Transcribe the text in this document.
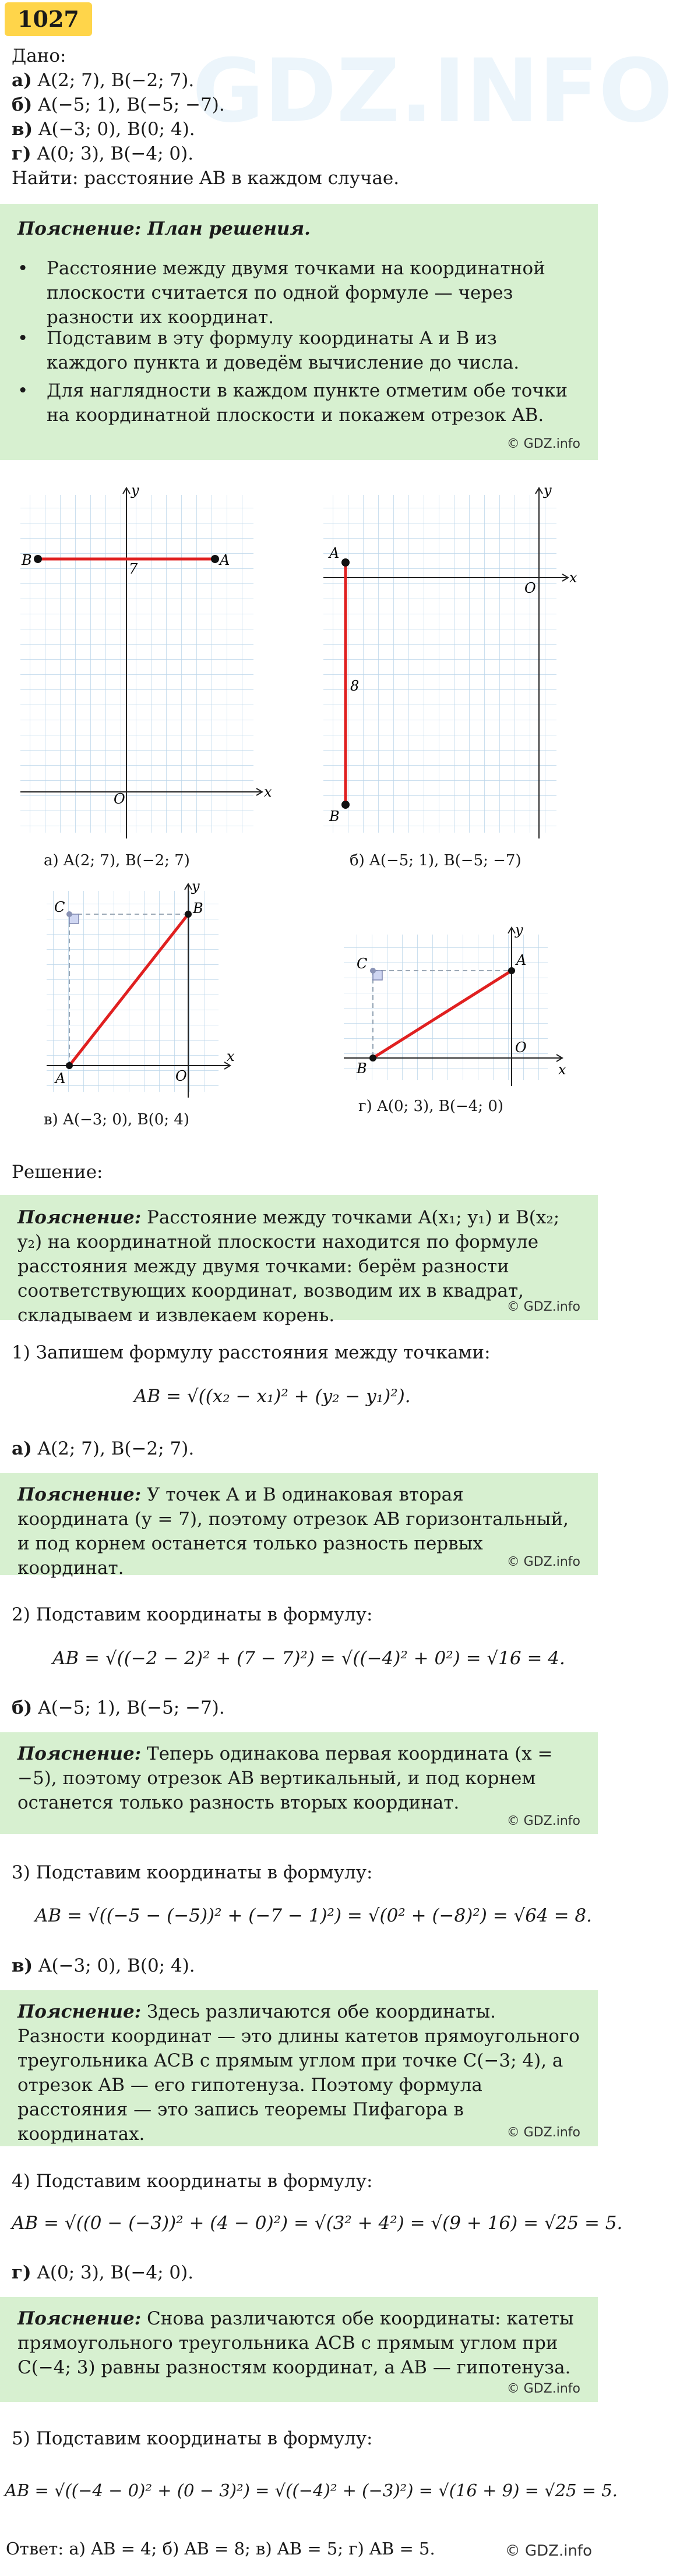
GDZ.INFO
1027
Дано:
а) A(2; 7), B(−2; 7).
б) A(−5; 1), B(−5; −7).
в) A(−3; 0), B(0; 4).
г) A(0; 3), B(−4; 0).
Найти: расстояние AB в каждом случае.
Пояснение: План решения.
• Расстояние между двумя точками на координатной плоскости считается по одной формуле — через разности их координат.
• Подставим в эту формулу координаты A и B из каждого пункта и доведём вычисление до числа.
• Для наглядности в каждом пункте отметим обе точки на координатной плоскости и покажем отрезок AB.
© GDZ.info
B	A
O
y
x
7
а) A(2; 7), B(−2; 7)
A
B
8
O
y
x
б) A(−5; 1), B(−5; −7)
A
B
C
O
y
x
в) A(−3; 0), B(0; 4)
B
A
C
O
y
x
г) A(0; 3), B(−4; 0)
Решение:
Пояснение: Расстояние между точками A(x₁; y₁) и B(x₂; y₂) на координатной плоскости находится по формуле расстояния между двумя точками: берём разности соответствующих координат, возводим их в квадрат, складываем и извлекаем корень.	© GDZ.info
1) Запишем формулу расстояния между точками:
AB = √((x₂ − x₁)² + (y₂ − y₁)²).
а) A(2; 7), B(−2; 7).
Пояснение: У точек A и B одинаковая вторая координата (y = 7), поэтому отрезок AB горизонтальный, и под корнем останется только разность первых координат.	© GDZ.info
2) Подставим координаты в формулу:
AB = √((−2 − 2)² + (7 − 7)²) = √((−4)² + 0²) = √16 = 4.
б) A(−5; 1), B(−5; −7).
Пояснение: Теперь одинакова первая координата (x = −5), поэтому отрезок AB вертикальный, и под корнем останется только разность вторых координат.
© GDZ.info
3) Подставим координаты в формулу:
AB = √((−5 − (−5))² + (−7 − 1)²) = √(0² + (−8)²) = √64 = 8.
в) A(−3; 0), B(0; 4).
Пояснение: Здесь различаются обе координаты. Разности координат — это длины катетов прямоугольного треугольника ACB с прямым углом при точке C(−3; 4), а отрезок AB — его гипотенуза. Поэтому формула расстояния — это запись теоремы Пифагора в координатах.	© GDZ.info
4) Подставим координаты в формулу:
AB = √((0 − (−3))² + (4 − 0)²) = √(3² + 4²) = √(9 + 16) = √25 = 5.
г) A(0; 3), B(−4; 0).
Пояснение: Снова различаются обе координаты: катеты прямоугольного треугольника ACB с прямым углом при C(−4; 3) равны разностям координат, а AB — гипотенуза.
© GDZ.info
5) Подставим координаты в формулу:
AB = √((−4 − 0)² + (0 − 3)²) = √((−4)² + (−3)²) = √(16 + 9) = √25 = 5.
Ответ: а) AB = 4; б) AB = 8; в) AB = 5; г) AB = 5.	© GDZ.info
